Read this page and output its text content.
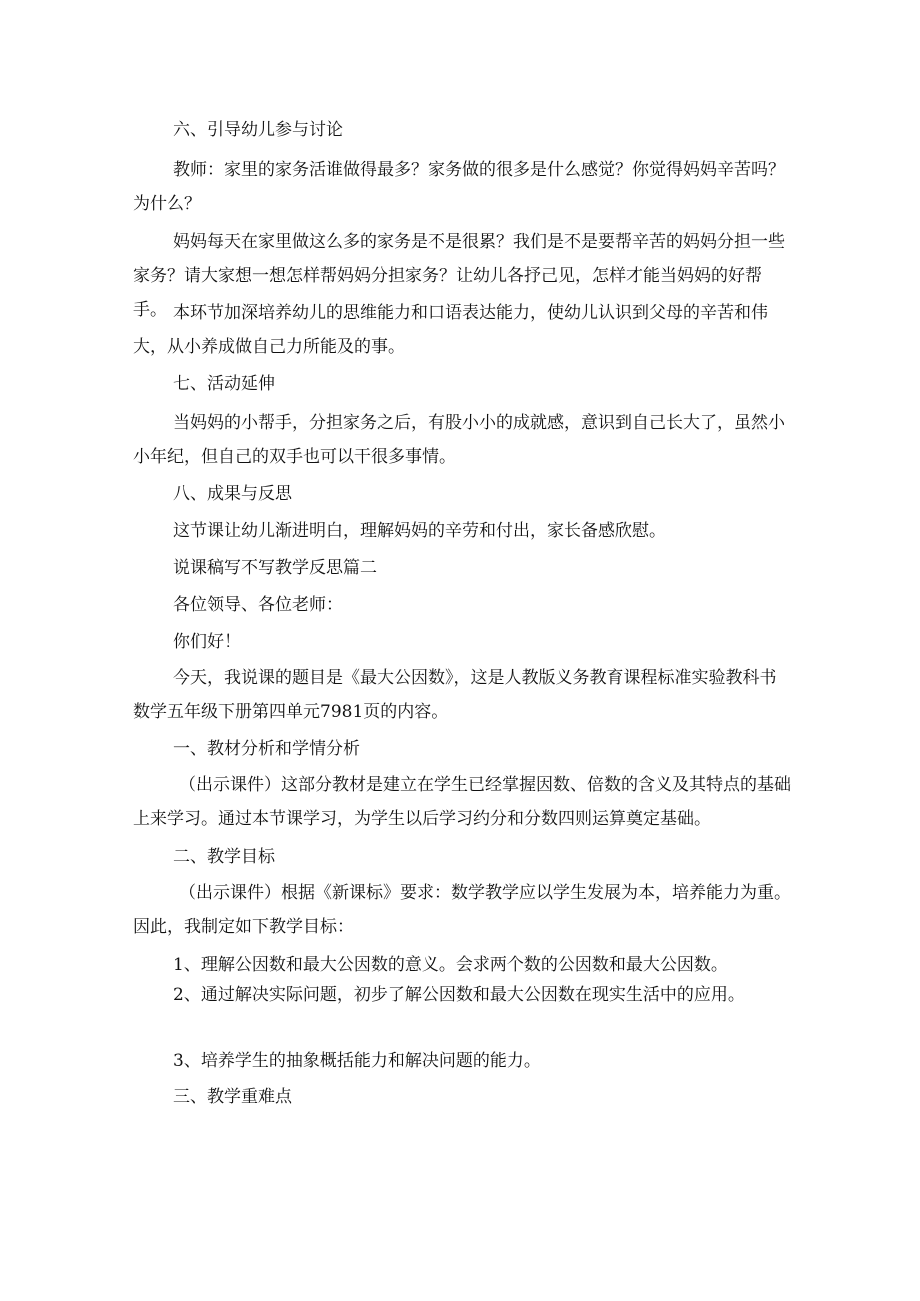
六、引导幼儿参与讨论

教师：家里的家务活谁做得最多？家务做的很多是什么感觉？你觉得妈妈辛苦吗？为什么？

妈妈每天在家里做这么多的家务是不是很累？我们是不是要帮辛苦的妈妈分担一些家务？请大家想一想怎样帮妈妈分担家务？让幼儿各抒己见，怎样才能当妈妈的好帮手。 本环节加深培养幼儿的思维能力和口语表达能力，使幼儿认识到父母的辛苦和伟大，从小养成做自己力所能及的事。

七、活动延伸

当妈妈的小帮手，分担家务之后，有股小小的成就感，意识到自己长大了，虽然小小年纪，但自己的双手也可以干很多事情。

八、成果与反思

这节课让幼儿渐进明白，理解妈妈的辛劳和付出，家长备感欣慰。

说课稿写不写教学反思篇二

各位领导、各位老师：

你们好！

今天，我说课的题目是《最大公因数》，这是人教版义务教育课程标准实验教科书数学五年级下册第四单元7981页的内容。

一、教材分析和学情分析

（出示课件）这部分教材是建立在学生已经掌握因数、倍数的含义及其特点的基础上来学习。通过本节课学习，为学生以后学习约分和分数四则运算奠定基础。

二、教学目标

（出示课件）根据《新课标》要求：数学教学应以学生发展为本，培养能力为重。因此，我制定如下教学目标：

1、理解公因数和最大公因数的意义。会求两个数的公因数和最大公因数。

2、通过解决实际问题，初步了解公因数和最大公因数在现实生活中的应用。

3、培养学生的抽象概括能力和解决问题的能力。

三、教学重难点
